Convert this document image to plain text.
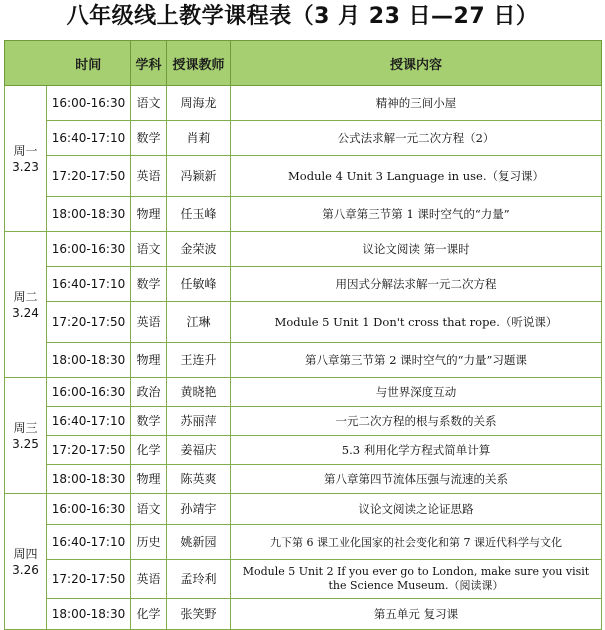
八年级线上教学课程表（3 月 23 日—27 日）
	时间	学科	授课教师	授课内容

周一
3.23	16:00-16:30	语文	周海龙	精神的三间小屋
	16:40-17:10	数学	肖莉	公式法求解一元二次方程（2）
	17:20-17:50	英语	冯颖新	Module 4 Unit 3 Language in use.（复习课）
	18:00-18:30	物理	任玉峰	第八章第三节第 1 课时空气的“力量”

周二
3.24	16:00-16:30	语文	金荣波	议论文阅读 第一课时
	16:40-17:10	数学	任敏峰	用因式分解法求解一元二次方程
	17:20-17:50	英语	江琳	Module 5 Unit 1 Don't cross that rope.（听说课）
	18:00-18:30	物理	王连升	第八章第三节第 2 课时空气的“力量”习题课

周三
3.25	16:00-16:30	政治	黄晓艳	与世界深度互动
	16:40-17:10	数学	苏丽萍	一元二次方程的根与系数的关系
	17:20-17:50	化学	姜福庆	5.3 利用化学方程式简单计算
	18:00-18:30	物理	陈英爽	第八章第四节流体压强与流速的关系

周四
3.26	16:00-16:30	语文	孙靖宇	议论文阅读之论证思路
	16:40-17:10	历史	姚新园	九下第 6 课工业化国家的社会变化和第 7 课近代科学与文化
	17:20-17:50	英语	孟玲利	Module 5 Unit 2 If you ever go to London, make sure you visit the Science Museum.（阅读课）
	18:00-18:30	化学	张笑野	第五单元 复习课
